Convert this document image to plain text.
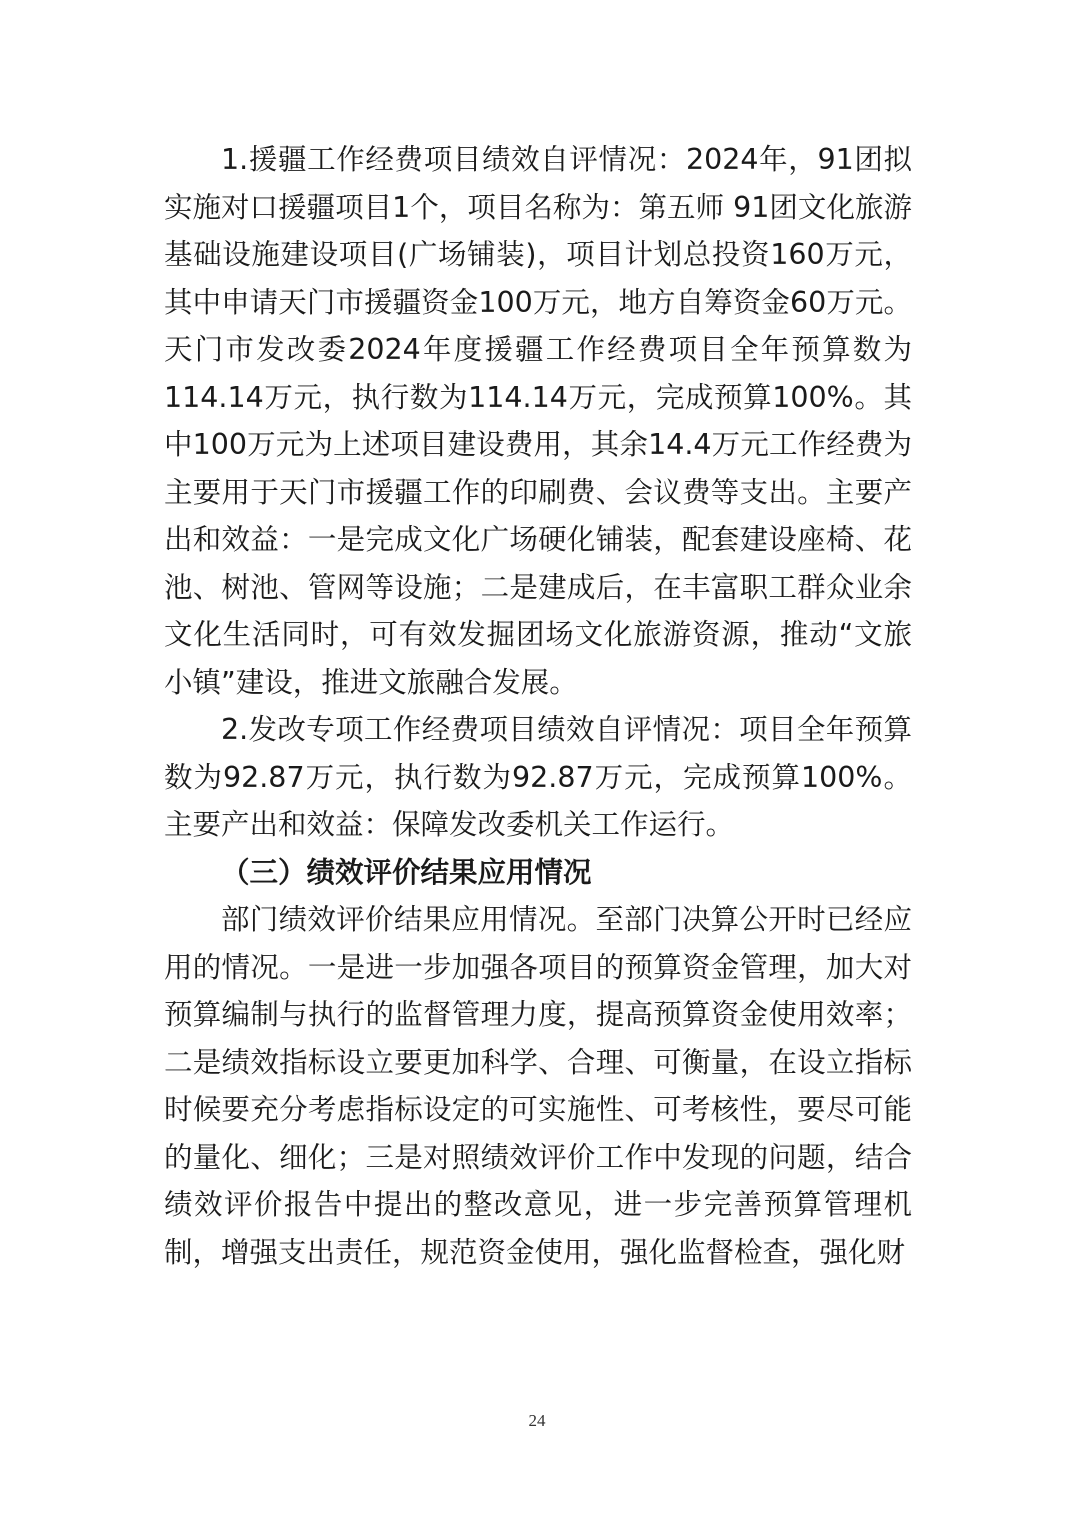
1.援疆工作经费项目绩效自评情况：2024年，91团拟实施对口援疆项目1个，项目名称为：第五师 91团文化旅游基础设施建设项目(广场铺装)，项目计划总投资160万元，其中申请天门市援疆资金100万元，地方自筹资金60万元。天门市发改委2024年度援疆工作经费项目全年预算数为114.14万元，执行数为114.14万元，完成预算100%。其中100万元为上述项目建设费用，其余14.4万元工作经费为主要用于天门市援疆工作的印刷费、会议费等支出。主要产出和效益：一是完成文化广场硬化铺装，配套建设座椅、花池、树池、管网等设施；二是建成后，在丰富职工群众业余文化生活同时，可有效发掘团场文化旅游资源，推动“文旅小镇”建设，推进文旅融合发展。

2.发改专项工作经费项目绩效自评情况：项目全年预算数为92.87万元，执行数为92.87万元，完成预算100%。主要产出和效益：保障发改委机关工作运行。

（三）绩效评价结果应用情况

部门绩效评价结果应用情况。至部门决算公开时已经应用的情况。一是进一步加强各项目的预算资金管理，加大对预算编制与执行的监督管理力度，提高预算资金使用效率；二是绩效指标设立要更加科学、合理、可衡量，在设立指标时候要充分考虑指标设定的可实施性、可考核性，要尽可能的量化、细化；三是对照绩效评价工作中发现的问题，结合绩效评价报告中提出的整改意见，进一步完善预算管理机制，增强支出责任，规范资金使用，强化监督检查，强化财

24
